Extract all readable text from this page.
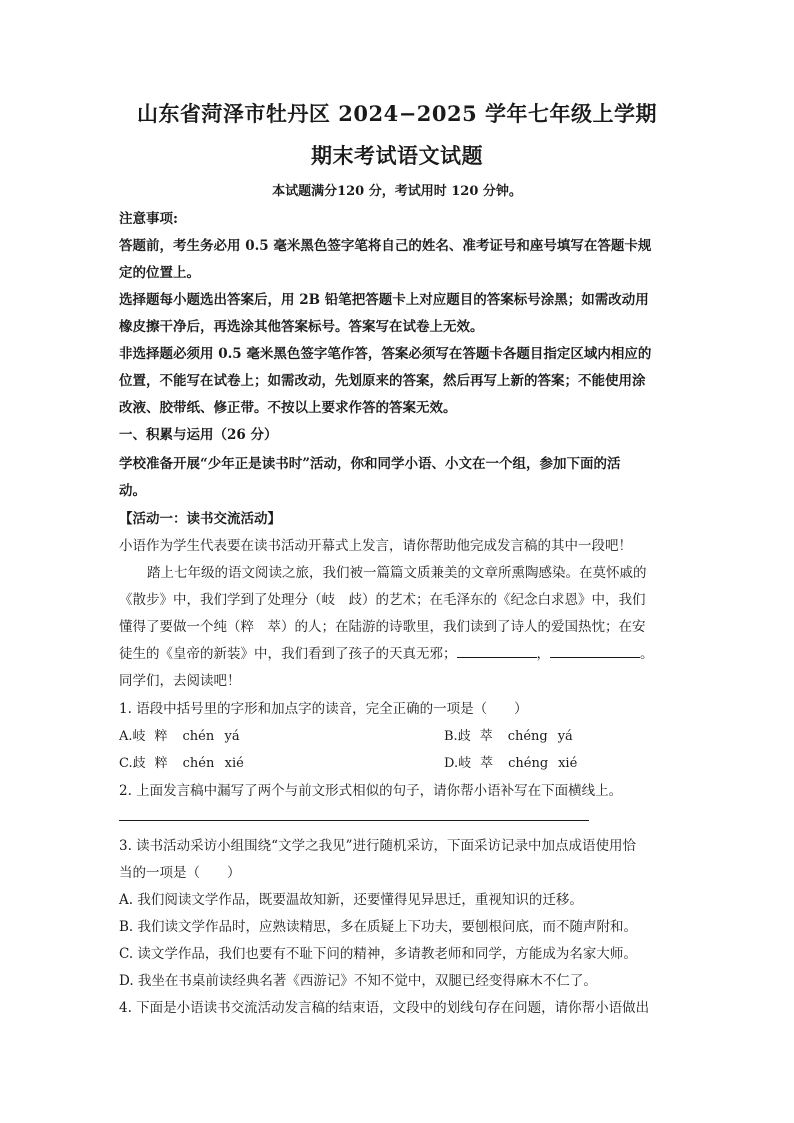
山东省菏泽市牡丹区 2024−2025 学年七年级上学期
期末考试语文试题
本试题满分120 分，考试用时 120 分钟。
注意事项:
答题前，考生务必用 0.5 毫米黑色签字笔将自己的姓名、准考证号和座号填写在答题卡规
定的位置上。
选择题每小题选出答案后，用 2B 铅笔把答题卡上对应题目的答案标号涂黑；如需改动用
橡皮擦干净后，再选涂其他答案标号。答案写在试卷上无效。
非选择题必须用 0.5 毫米黑色签字笔作答，答案必须写在答题卡各题目指定区域内相应的
位置，不能写在试卷上；如需改动，先划原来的答案，然后再写上新的答案；不能使用涂
改液、胶带纸、修正带。不按以上要求作答的答案无效。
一、积累与运用（26 分）
学校准备开展“少年正是读书时”活动，你和同学小语、小文在一个组，参加下面的活
动。
【活动一：读书交流活动】
小语作为学生代表要在读书活动开幕式上发言，请你帮助他完成发言稿的其中一段吧！
踏上七年级的语文阅读之旅，我们被一篇篇文质兼美的文章所熏陶感染。在莫怀戚的
《散步》中，我们学到了处理分（岐　歧）的艺术；在毛泽东的《纪念白求恩》中，我们
懂得了要做一个纯（粹　萃）的人；在陆游的诗歌里，我们读到了诗人的爱国热忱；在安
徒生的《皇帝的新装》中，我们看到了孩子的天真无邪；	，	。
同学们，去阅读吧！
1. 语段中括号里的字形和加点字的读音，完全正确的一项是（　　）
A.岐 粹 chén yá	B.歧 萃 chéng yá
C.歧 粹 chén xié	D.岐 萃 chéng xié
2. 上面发言稿中漏写了两个与前文形式相似的句子，请你帮小语补写在下面横线上。
3. 读书活动采访小组围绕“文学之我见”进行随机采访，下面采访记录中加点成语使用恰
当的一项是（　　）
A. 我们阅读文学作品，既要温故知新，还要懂得见异思迁，重视知识的迁移。
B. 我们读文学作品时，应熟读精思，多在质疑上下功夫，要刨根问底，而不随声附和。
C. 读文学作品，我们也要有不耻下问的精神，多请教老师和同学，方能成为名家大师。
D. 我坐在书桌前读经典名著《西游记》不知不觉中，双腿已经变得麻木不仁了。
4. 下面是小语读书交流活动发言稿的结束语，文段中的划线句存在问题，请你帮小语做出
